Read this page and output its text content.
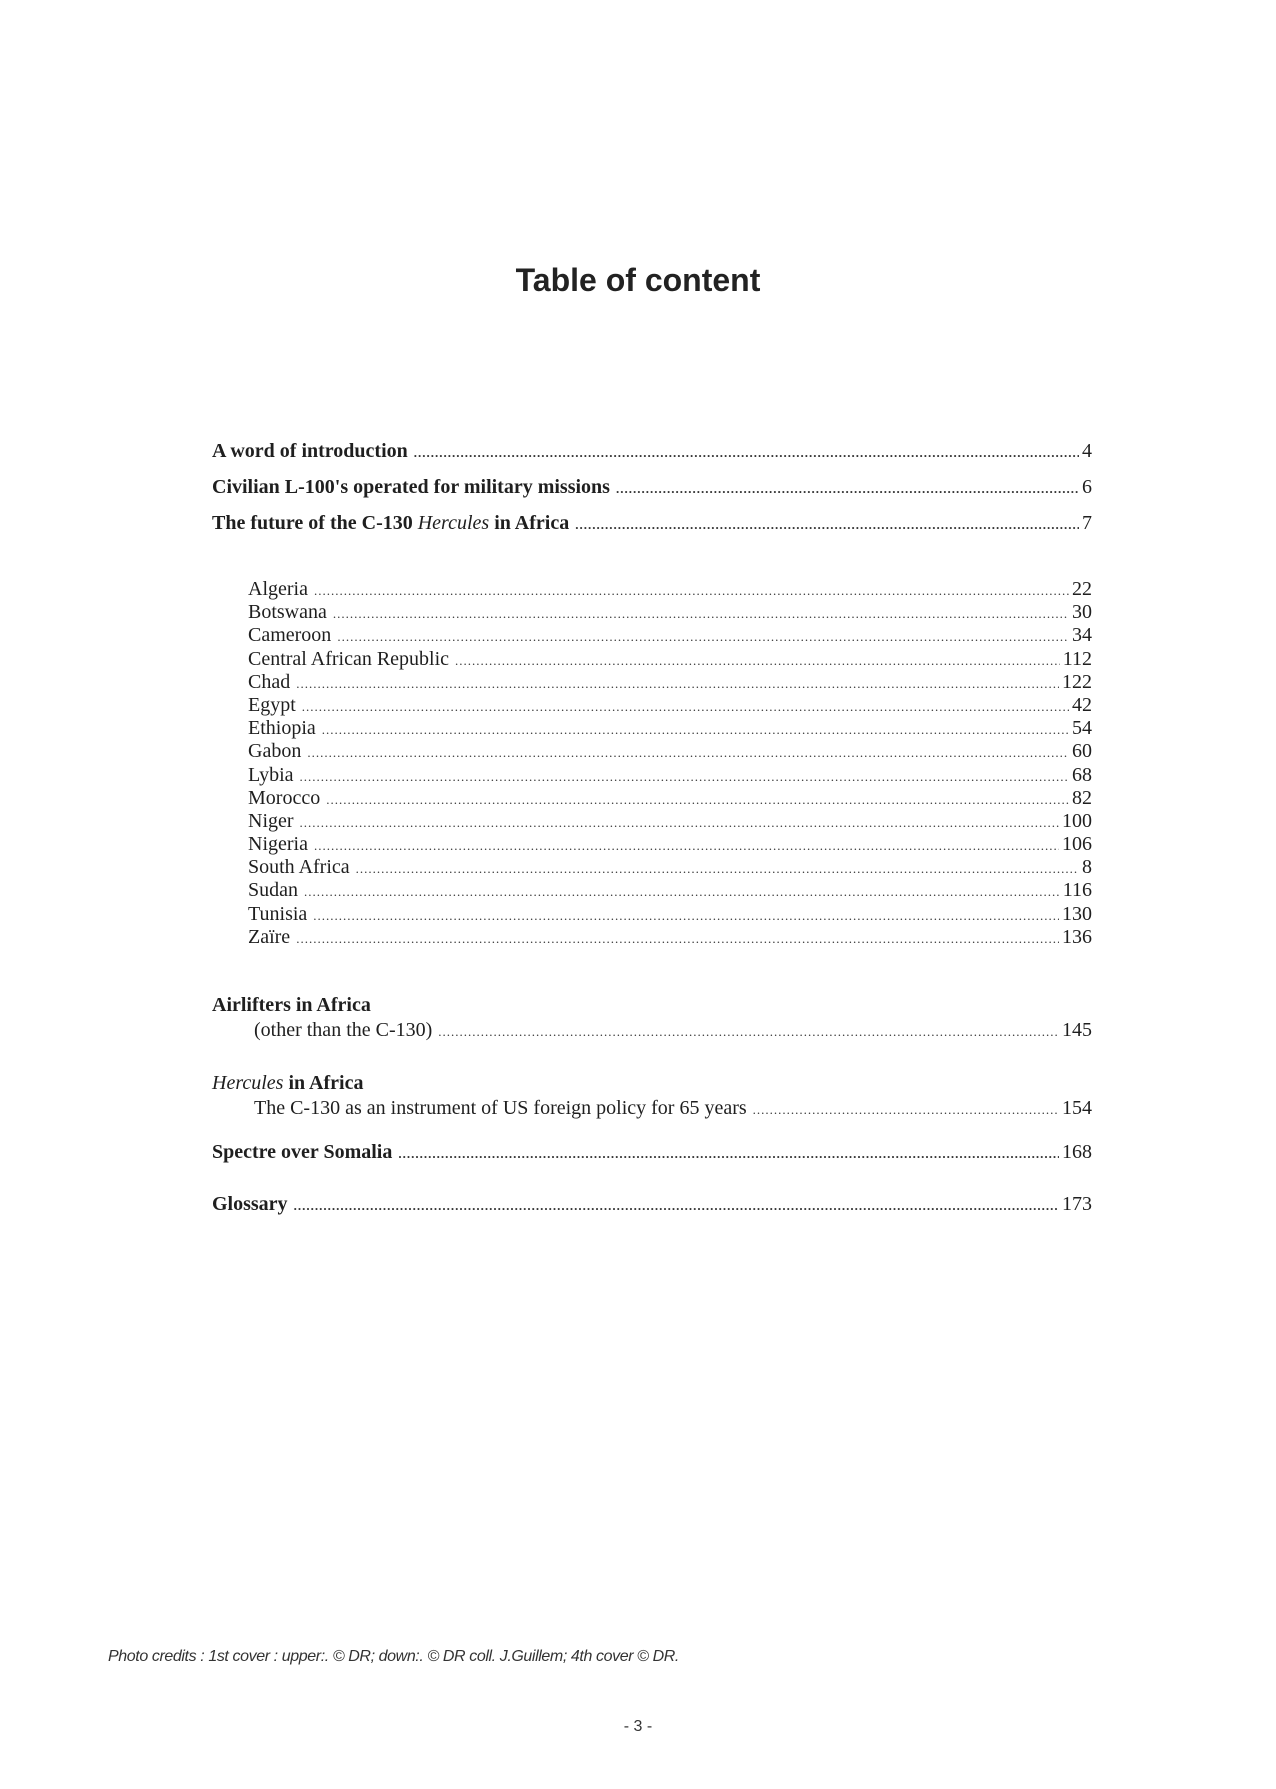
Table of content
A word of introduction .....	4
Civilian L-100's operated for military missions .....	6
The future of the C-130 Hercules in Africa .....	7
Algeria .....	22
Botswana .....	30
Cameroon .....	34
Central African Republic .....	112
Chad .....	122
Egypt .....	42
Ethiopia .....	54
Gabon .....	60
Lybia .....	68
Morocco .....	82
Niger .....	100
Nigeria .....	106
South Africa .....	8
Sudan .....	116
Tunisia .....	130
Zaïre .....	136
Airlifters in Africa
(other than the C-130) .....	145
Hercules in Africa
The C-130 as an instrument of US foreign policy for 65 years .....	154
Spectre over Somalia .....	168
Glossary .....	173
Photo credits : 1st cover : upper:. © DR; down:. © DR coll. J.Guillem; 4th cover © DR.
- 3 -
